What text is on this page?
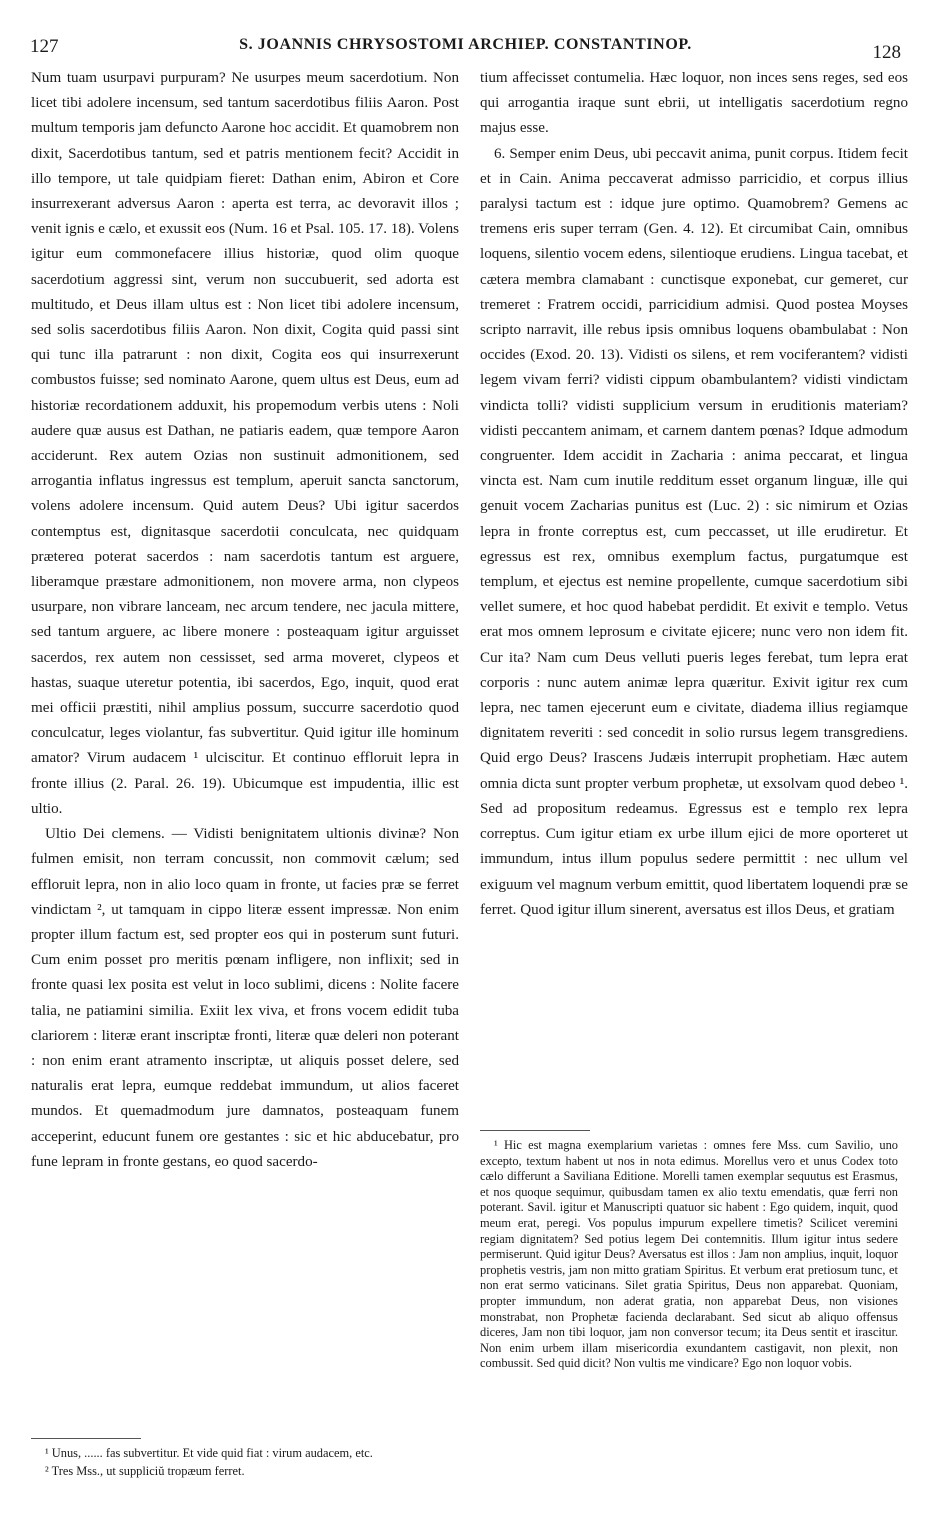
127	S. JOANNIS CHRYSOSTOMI ARCHIEP. CONSTANTINOP.	128

Num tuam usurpavi purpuram? Ne usurpes meum sacerdotium. Non licet tibi adolere incensum, sed tantum sacerdotibus filiis Aaron. Post multum temporis jam defuncto Aarone hoc accidit. Et quamobrem non dixit, Sacerdotibus tantum, sed et patris mentionem fecit? Accidit in illo tempore, ut tale quidpiam fieret: Dathan enim, Abiron et Core insurrexerant adversus Aaron : aperta est terra, ac devoravit illos ; venit ignis e cælo, et exussit eos (Num. 16 et Psal. 105. 17. 18). Volens igitur eum commonefacere illius historiæ, quod olim quoque sacerdotium aggressi sint, verum non succubuerit, sed adorta est multitudo, et Deus illam ultus est : Non licet tibi adolere incensum, sed solis sacerdotibus filiis Aaron. Non dixit, Cogita quid passi sint qui tunc illa patrarunt : non dixit, Cogita eos qui insurrexerunt combustos fuisse; sed nominato Aarone, quem ultus est Deus, eum ad historiæ recordationem adduxit, his propemodum verbis utens : Noli audere quæ ausus est Dathan, ne patiaris eadem, quæ tempore Aaron acciderunt. Rex autem Ozias non sustinuit admonitionem, sed arrogantia inflatus ingressus est templum, aperuit sancta sanctorum, volens adolere incensum. Quid autem Deus? Ubi igitur sacerdos contemptus est, dignitasque sacerdotii conculcata, nec quidquam prætereɑ poterat sacerdos : nam sacerdotis tantum est arguere, liberamque præstare admonitionem, non movere arma, non clypeos usurpare, non vibrare lanceam, nec arcum tendere, nec jacula mittere, sed tantum arguere, ac libere monere : posteaquam igitur arguisset sacerdos, rex autem non cessisset, sed arma moveret, clypeos et hastas, suaque uteretur potentia, ibi sacerdos, Ego, inquit, quod erat mei officii præstiti, nihil amplius possum, succurre sacerdotio quod conculcatur, leges violantur, fas subvertitur. Quid igitur ille hominum amator? Virum audacem ¹ ulciscitur. Et continuo effloruit lepra in fronte illius (2. Paral. 26. 19). Ubicumque est impudentia, illic est ultio.

Ultio Dei clemens. — Vidisti benignitatem ultionis divinæ? Non fulmen emisit, non terram concussit, non commovit cælum; sed effloruit lepra, non in alio loco quam in fronte, ut facies præ se ferret vindictam ², ut tamquam in cippo literæ essent impressæ. Non enim propter illum factum est, sed propter eos qui in posterum sunt futuri. Cum enim posset pro meritis pœnam infligere, non inflixit; sed in fronte quasi lex posita est velut in loco sublimi, dicens : Nolite facere talia, ne patiamini similia. Exiit lex viva, et frons vocem edidit tuba clariorem : literæ erant inscriptæ fronti, literæ quæ deleri non poterant : non enim erant atramento inscriptæ, ut aliquis posset delere, sed naturalis erat lepra, eumque reddebat immundum, ut alios faceret mundos. Et quemadmodum jure damnatos, posteaquam funem acceperint, educunt funem ore gestantes : sic et hic abducebatur, pro fune lepram in fronte gestans, eo quod sacerdo-

tium affecisset contumelia. Hæc loquor, non inces sens reges, sed eos qui arrogantia iraque sunt ebrii, ut intelligatis sacerdotium regno majus esse.

6. Semper enim Deus, ubi peccavit anima, punit corpus. Itidem fecit et in Cain. Anima peccaverat admisso parricidio, et corpus illius paralysi tactum est : idque jure optimo. Quamobrem? Gemens ac tremens eris super terram (Gen. 4. 12). Et circumibat Cain, omnibus loquens, silentio vocem edens, silentioque erudiens. Lingua tacebat, et cætera membra clamabant : cunctisque exponebat, cur gemeret, cur tremeret : Fratrem occidi, parricidium admisi. Quod postea Moyses scripto narravit, ille rebus ipsis omnibus loquens obambulabat : Non occides (Exod. 20. 13). Vidisti os silens, et rem vociferantem? vidisti legem vivam ferri? vidisti cippum obambulantem? vidisti vindictam vindicta tolli? vidisti supplicium versum in eruditionis materiam? vidisti peccantem animam, et carnem dantem pœnas? Idque admodum congruenter. Idem accidit in Zacharia : anima peccarat, et lingua vincta est. Nam cum inutile redditum esset organum linguæ, ille qui genuit vocem Zacharias punitus est (Luc. 2) : sic nimirum et Ozias lepra in fronte correptus est, cum peccasset, ut ille erudiretur. Et egressus est rex, omnibus exemplum factus, purgatumque est templum, et ejectus est nemine propellente, cumque sacerdotium sibi vellet sumere, et hoc quod habebat perdidit. Et exivit e templo. Vetus erat mos omnem leprosum e civitate ejicere; nunc vero non idem fit. Cur ita? Nam cum Deus velluti pueris leges ferebat, tum lepra erat corporis : nunc autem animæ lepra quæritur. Exivit igitur rex cum lepra, nec tamen ejecerunt eum e civitate, diadema illius regiamque dignitatem reveriti : sed concedit in solio rursus legem transgrediens. Quid ergo Deus? Irascens Judæis interrupit prophetiam. Hæc autem omnia dicta sunt propter verbum prophetæ, ut exsolvam quod debeo ¹. Sed ad propositum redeamus. Egressus est e templo rex lepra correptus. Cum igitur etiam ex urbe illum ejici de more oporteret ut immundum, intus illum populus sedere permittit : nec ullum vel exiguum vel magnum verbum emittit, quod libertatem loquendi præ se ferret. Quod igitur illum sinerent, aversatus est illos Deus, et gratiam

¹ Unus, ...... fas subvertitur. Et vide quid fiat : virum audacem, etc.

² Tres Mss., ut suppliciŭ tropæum ferret.

¹ Hic est magna exemplarium varietas : omnes fere Mss. cum Savilio, uno excepto, textum habent ut nos in nota edimus. Morellus vero et unus Codex toto cælo differunt a Saviliana Editione. Morelli tamen exemplar sequutus est Erasmus, et nos quoque sequimur, quibusdam tamen ex alio textu emendatis, quæ ferri non poterant. Savil. igitur et Manuscripti quatuor sic habent : Ego quidem, inquit, quod meum erat, peregi. Vos populus impurum expellere timetis? Scilicet veremini regiam dignitatem? Sed potius legem Dei contemnitis. Illum igitur intus sedere permiserunt. Quid igitur Deus? Aversatus est illos : Jam non amplius, inquit, loquor prophetis vestris, jam non mitto gratiam Spiritus. Et verbum erat pretiosum tunc, et non erat sermo vaticinans. Silet gratia Spiritus, Deus non apparebat. Quoniam, propter immundum, non aderat gratia, non apparebat Deus, non visiones monstrabat, non Prophetæ facienda declarabant. Sed sicut ab aliquo offensus diceres, Jam non tibi loquor, jam non conversor tecum; ita Deus sentit et irascitur. Non enim urbem illam misericordia exundantem castigavit, non plexit, non combussit. Sed quid dicit? Non vultis me vindicare? Ego non loquor vobis.
